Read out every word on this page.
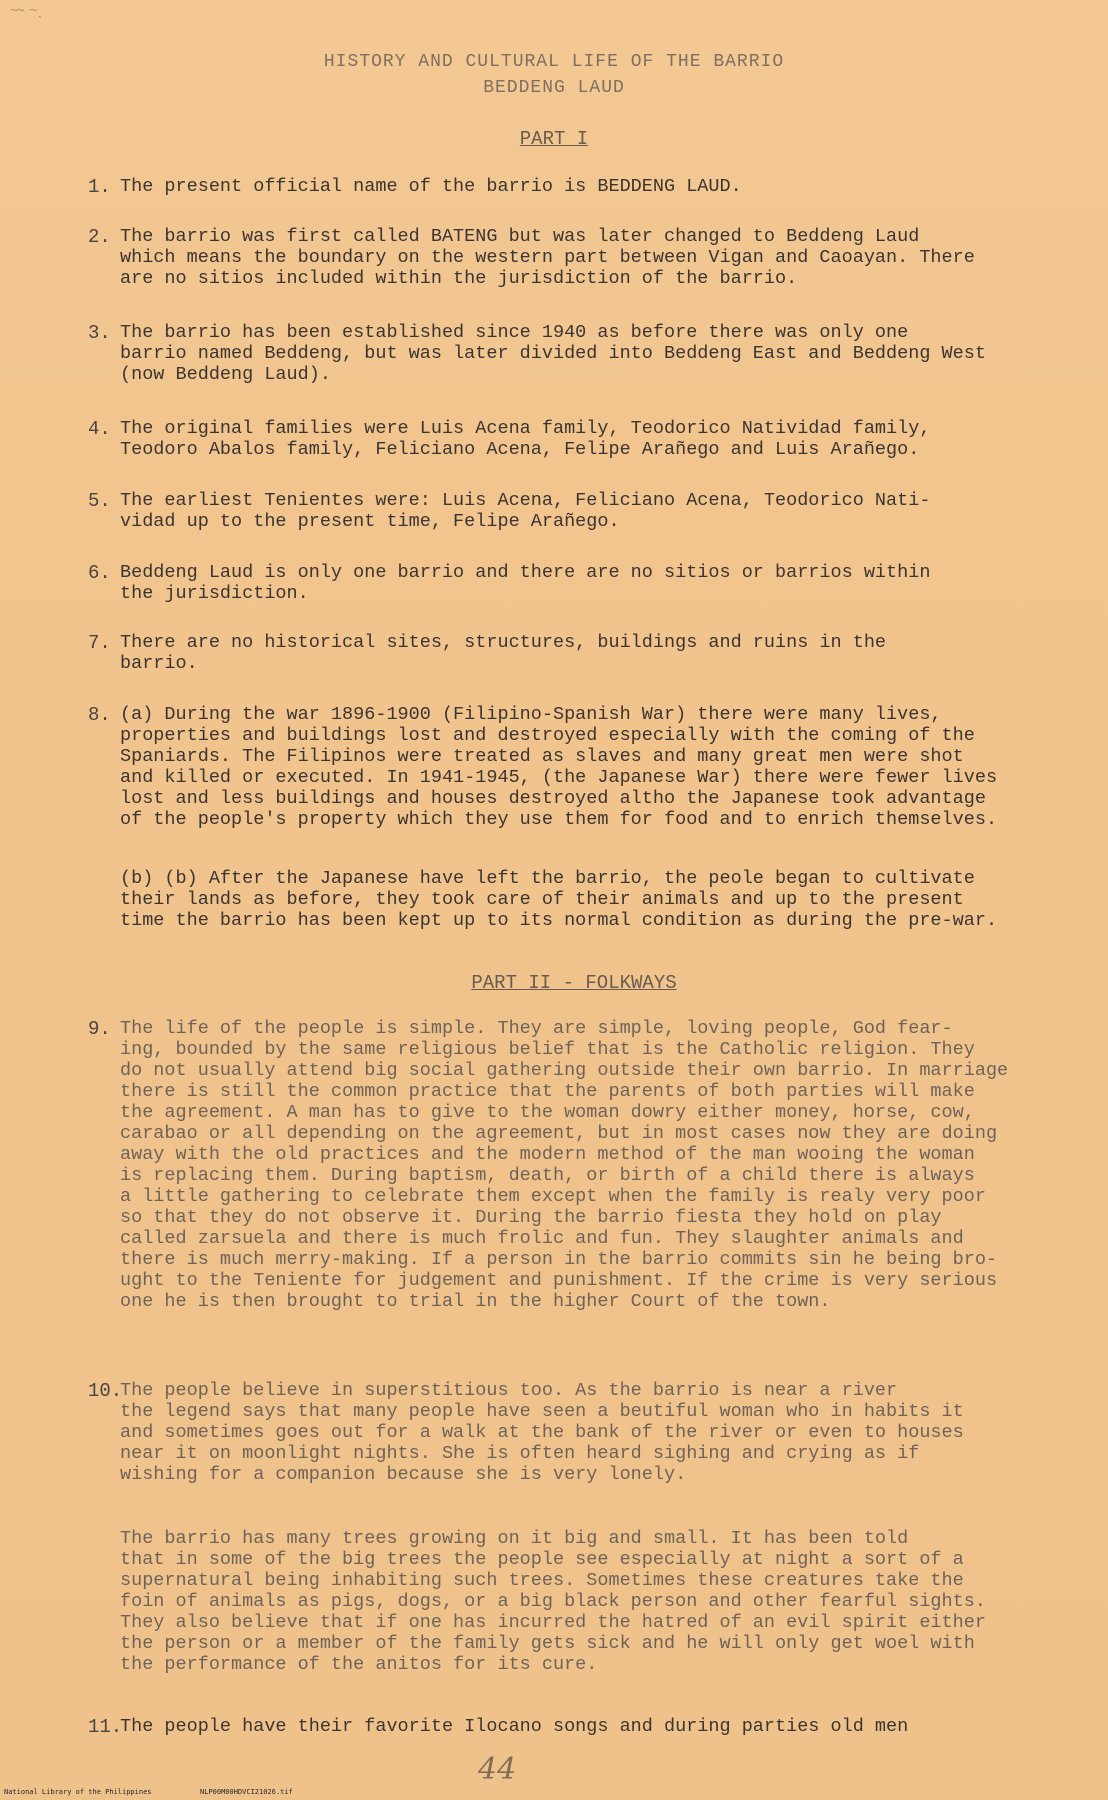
~~ ~ˎ
HISTORY AND CULTURAL LIFE OF THE BARRIO
BEDDENG LAUD
PART I
1. The present official name of the barrio is BEDDENG LAUD.
2. The barrio was first called BATENG but was later changed to Beddeng Laud
which means the boundary on the western part between Vigan and Caoayan. There
are no sitios included within the jurisdiction of the barrio.
3. The barrio has been established since 1940 as before there was only one
barrio named Beddeng, but was later divided into Beddeng East and Beddeng West
(now Beddeng Laud).
4. The original families were Luis Acena family, Teodorico Natividad family,
Teodoro Abalos family, Feliciano Acena, Felipe Arañego and Luis Arañego.
5. The earliest Tenientes were: Luis Acena, Feliciano Acena, Teodorico Nati-
vidad up to the present time, Felipe Arañego.
6. Beddeng Laud is only one barrio and there are no sitios or barrios within
the jurisdiction.
7. There are no historical sites, structures, buildings and ruins in the
barrio.
8. (a) During the war 1896-1900 (Filipino-Spanish War) there were many lives,
properties and buildings lost and destroyed especially with the coming of the
Spaniards. The Filipinos were treated as slaves and many great men were shot
and killed or executed. In 1941-1945, (the Japanese War) there were fewer lives
lost and less buildings and houses destroyed altho the Japanese took advantage
of the people's property which they use them for food and to enrich themselves.
(b) (b) After the Japanese have left the barrio, the peole began to cultivate
their lands as before, they took care of their animals and up to the present
time the barrio has been kept up to its normal condition as during the pre-war.
PART II - FOLKWAYS
9. The life of the people is simple. They are simple, loving people, God fear-
ing, bounded by the same religious belief that is the Catholic religion. They
do not usually attend big social gathering outside their own barrio. In marriage
there is still the common practice that the parents of both parties will make
the agreement. A man has to give to the woman dowry either money, horse, cow,
carabao or all depending on the agreement, but in most cases now they are doing
away with the old practices and the modern method of the man wooing the woman
is replacing them. During baptism, death, or birth of a child there is always
a little gathering to celebrate them except when the family is realy very poor
so that they do not observe it. During the barrio fiesta they hold on play
called zarsuela and there is much frolic and fun. They slaughter animals and
there is much merry-making. If a person in the barrio commits sin he being bro-
ught to the Teniente for judgement and punishment. If the crime is very serious
one he is then brought to trial in the higher Court of the town.
10.
The people believe in superstitious too. As the barrio is near a river
the legend says that many people have seen a beutiful woman who in habits it
and sometimes goes out for a walk at the bank of the river or even to houses
near it on moonlight nights. She is often heard sighing and crying as if
wishing for a companion because she is very lonely.
The barrio has many trees growing on it big and small. It has been told
that in some of the big trees the people see especially at night a sort of a
supernatural being inhabiting such trees. Sometimes these creatures take the
foin of animals as pigs, dogs, or a big black person and other fearful sights.
They also believe that if one has incurred the hatred of an evil spirit either
the person or a member of the family gets sick and he will only get woel with
the performance of the anitos for its cure.
11.
The people have their favorite Ilocano songs and during parties old men
44
National Library of the Philippines	NLP00M00HDVCI21026.tif
